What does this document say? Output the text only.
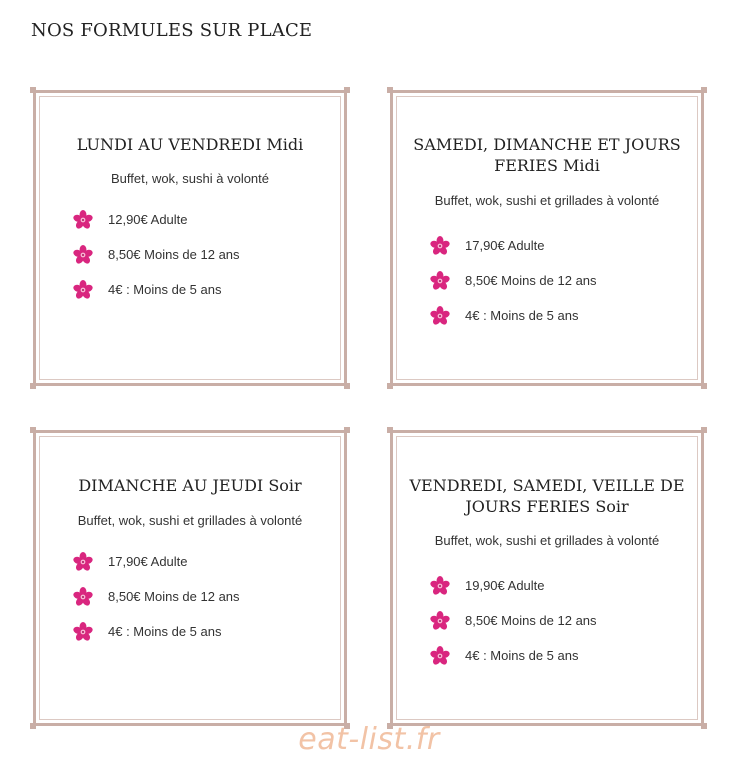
NOS FORMULES SUR PLACE
LUNDI AU VENDREDI Midi

Buffet, wok, sushi à volonté

12,90€ Adulte
8,50€ Moins de 12 ans
4€ : Moins de 5 ans
SAMEDI, DIMANCHE ET JOURS FERIES Midi

Buffet, wok, sushi et grillades à volonté

17,90€ Adulte
8,50€ Moins de 12 ans
4€ : Moins de 5 ans
DIMANCHE AU JEUDI Soir

Buffet, wok, sushi et grillades à volonté

17,90€ Adulte
8,50€ Moins de 12 ans
4€ : Moins de 5 ans
VENDREDI, SAMEDI, VEILLE DE JOURS FERIES Soir

Buffet, wok, sushi et grillades à volonté

19,90€ Adulte
8,50€ Moins de 12 ans
4€ : Moins de 5 ans
eat-list.fr
